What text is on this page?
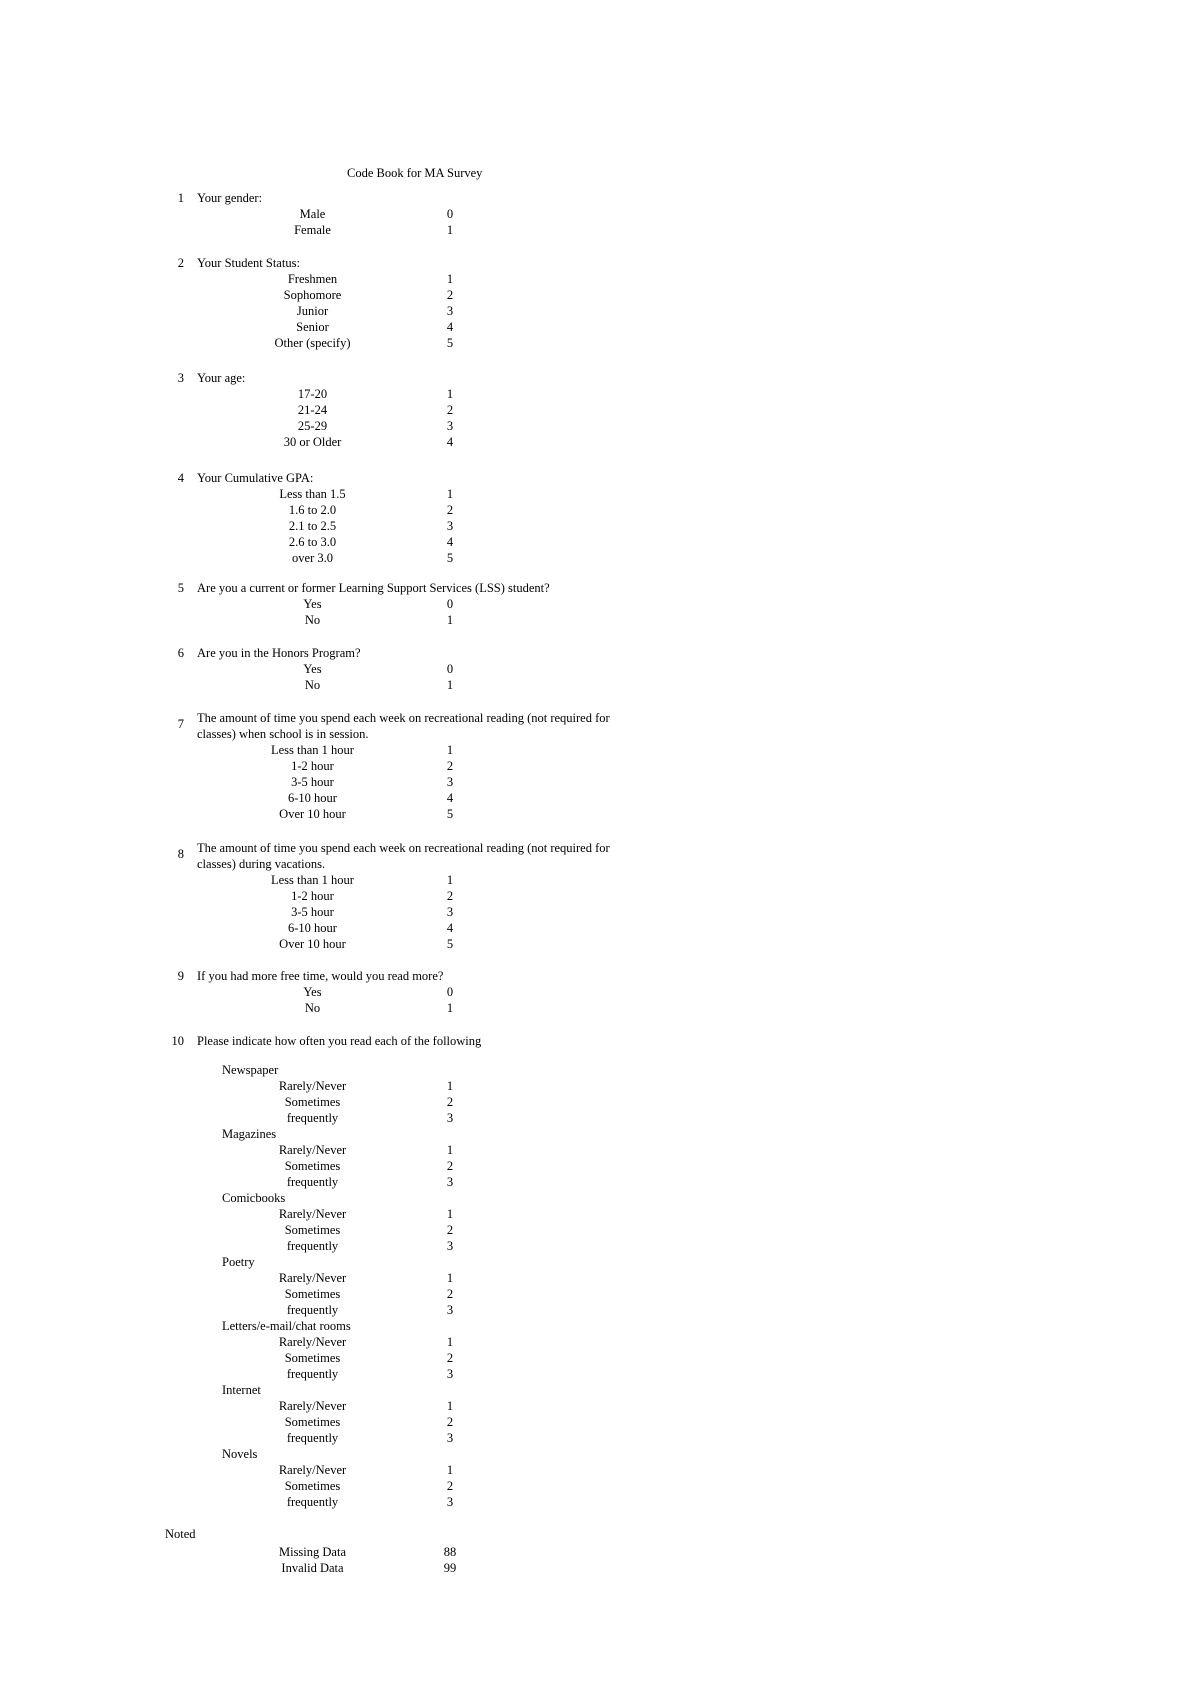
Code Book for MA Survey
1 Your gender:
Male	0
Female	1
2 Your Student Status:
Freshmen	1
Sophomore	2
Junior	3
Senior	4
Other (specify)	5
3 Your age:
17-20	1
21-24	2
25-29	3
30 or Older	4
4 Your Cumulative GPA:
Less than 1.5	1
1.6 to 2.0	2
2.1 to 2.5	3
2.6 to 3.0	4
over 3.0	5
5 Are you a current or former Learning Support Services (LSS) student?
Yes	0
No	1
6 Are you in the Honors Program?
Yes	0
No	1
7 The amount of time you spend each week on recreational reading (not required for classes) when school is in session.
Less than 1 hour	1
1-2 hour	2
3-5 hour	3
6-10 hour	4
Over 10 hour	5
8 The amount of time you spend each week on recreational reading (not required for classes) during vacations.
Less than 1 hour	1
1-2 hour	2
3-5 hour	3
6-10 hour	4
Over 10 hour	5
9 If you had more free time, would you read more?
Yes	0
No	1
10 Please indicate how often you read each of the following
Newspaper
Rarely/Never	1
Sometimes	2
frequently	3
Magazines
Rarely/Never	1
Sometimes	2
frequently	3
Comicbooks
Rarely/Never	1
Sometimes	2
frequently	3
Poetry
Rarely/Never	1
Sometimes	2
frequently	3
Letters/e-mail/chat rooms
Rarely/Never	1
Sometimes	2
frequently	3
Internet
Rarely/Never	1
Sometimes	2
frequently	3
Novels
Rarely/Never	1
Sometimes	2
frequently	3
Noted
Missing Data	88
Invalid Data	99
